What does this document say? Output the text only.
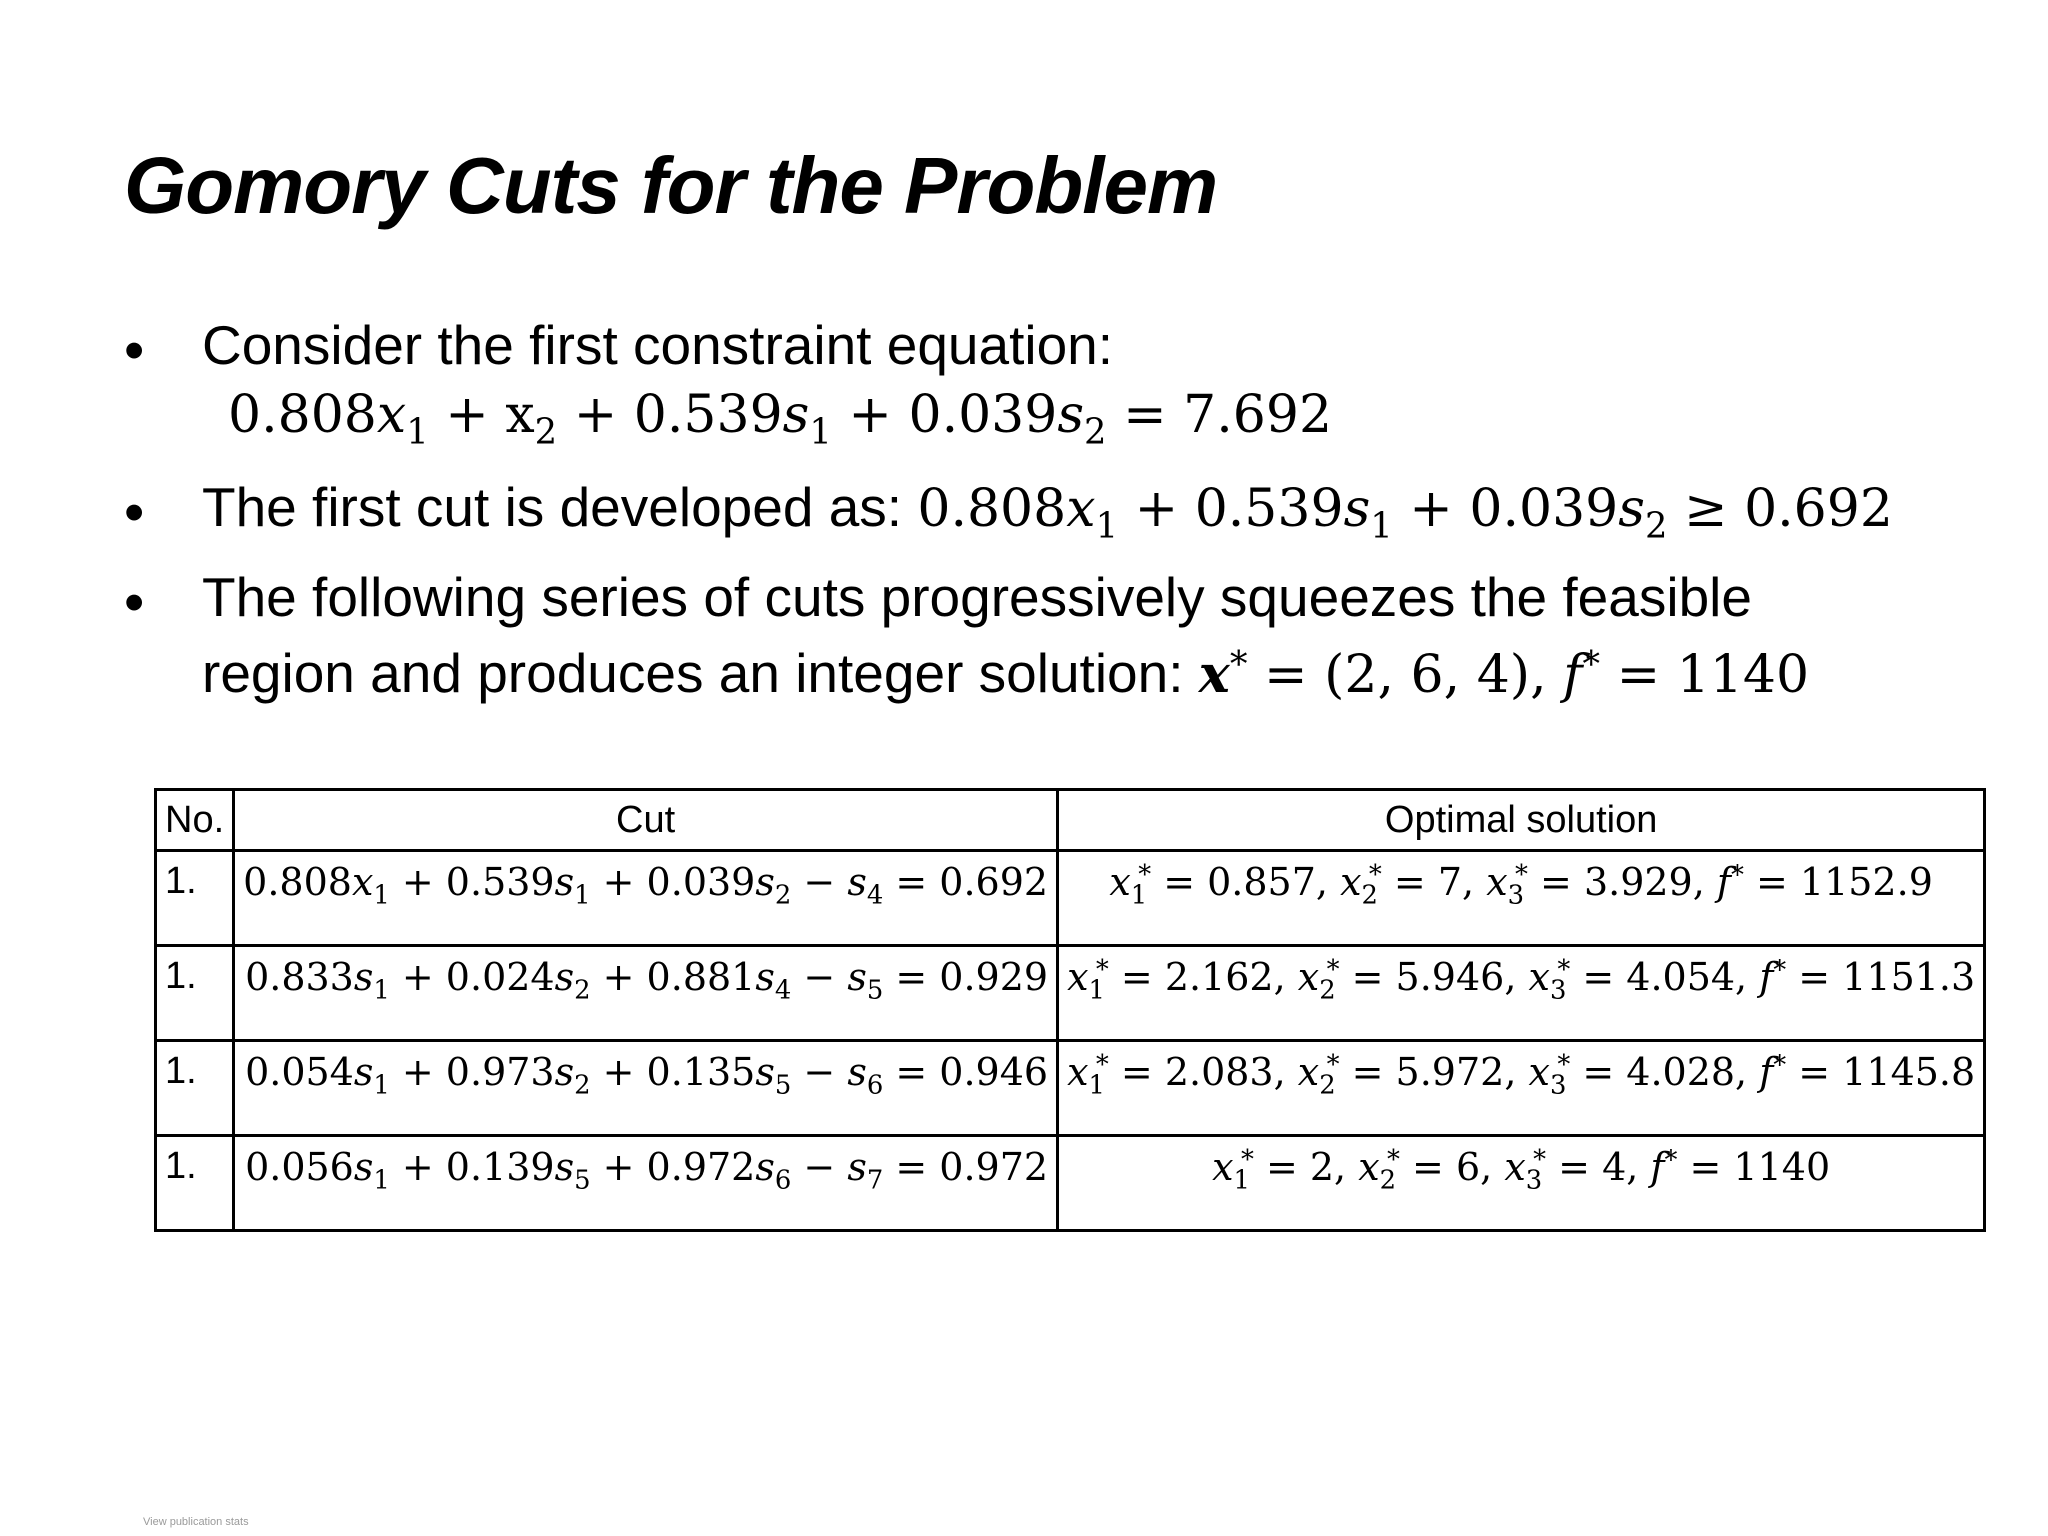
Gomory Cuts for the Problem
• Consider the first constraint equation:
$0.808x_1 + x_2 + 0.539s_1 + 0.039s_2 = 7.692$
• The first cut is developed as: $0.808x_1 + 0.539s_1 + 0.039s_2 \ge 0.692$
• The following series of cuts progressively squeezes the feasible
region and produces an integer solution: x* = (2, 6, 4), f* = 1140
No.	Cut	Optimal solution
1.	$0.808x_1 + 0.539s_1 + 0.039s_2 - s_4 = 0.692$	$x_1^* = 0.857$, $x_2^* = 7$, $x_3^* = 3.929$, f* = 1152.9
1.	$0.833s_1 + 0.024s_2 + 0.881s_4 - s_5 = 0.929$	$x_1^* = 2.162$, $x_2^* = 5.946$, $x_3^* = 4.054$, f* = 1151.3
1.	$0.054s_1 + 0.973s_2 + 0.135s_5 - s_6 = 0.946$	$x_1^* = 2.083$, $x_2^* = 5.972$, $x_3^* = 4.028$, f* = 1145.8
1.	$0.056s_1 + 0.139s_5 + 0.972s_6 - s_7 = 0.972$	$x_1^* = 2$, $x_2^* = 6$, $x_3^* = 4$, f* = 1140
View publication stats
